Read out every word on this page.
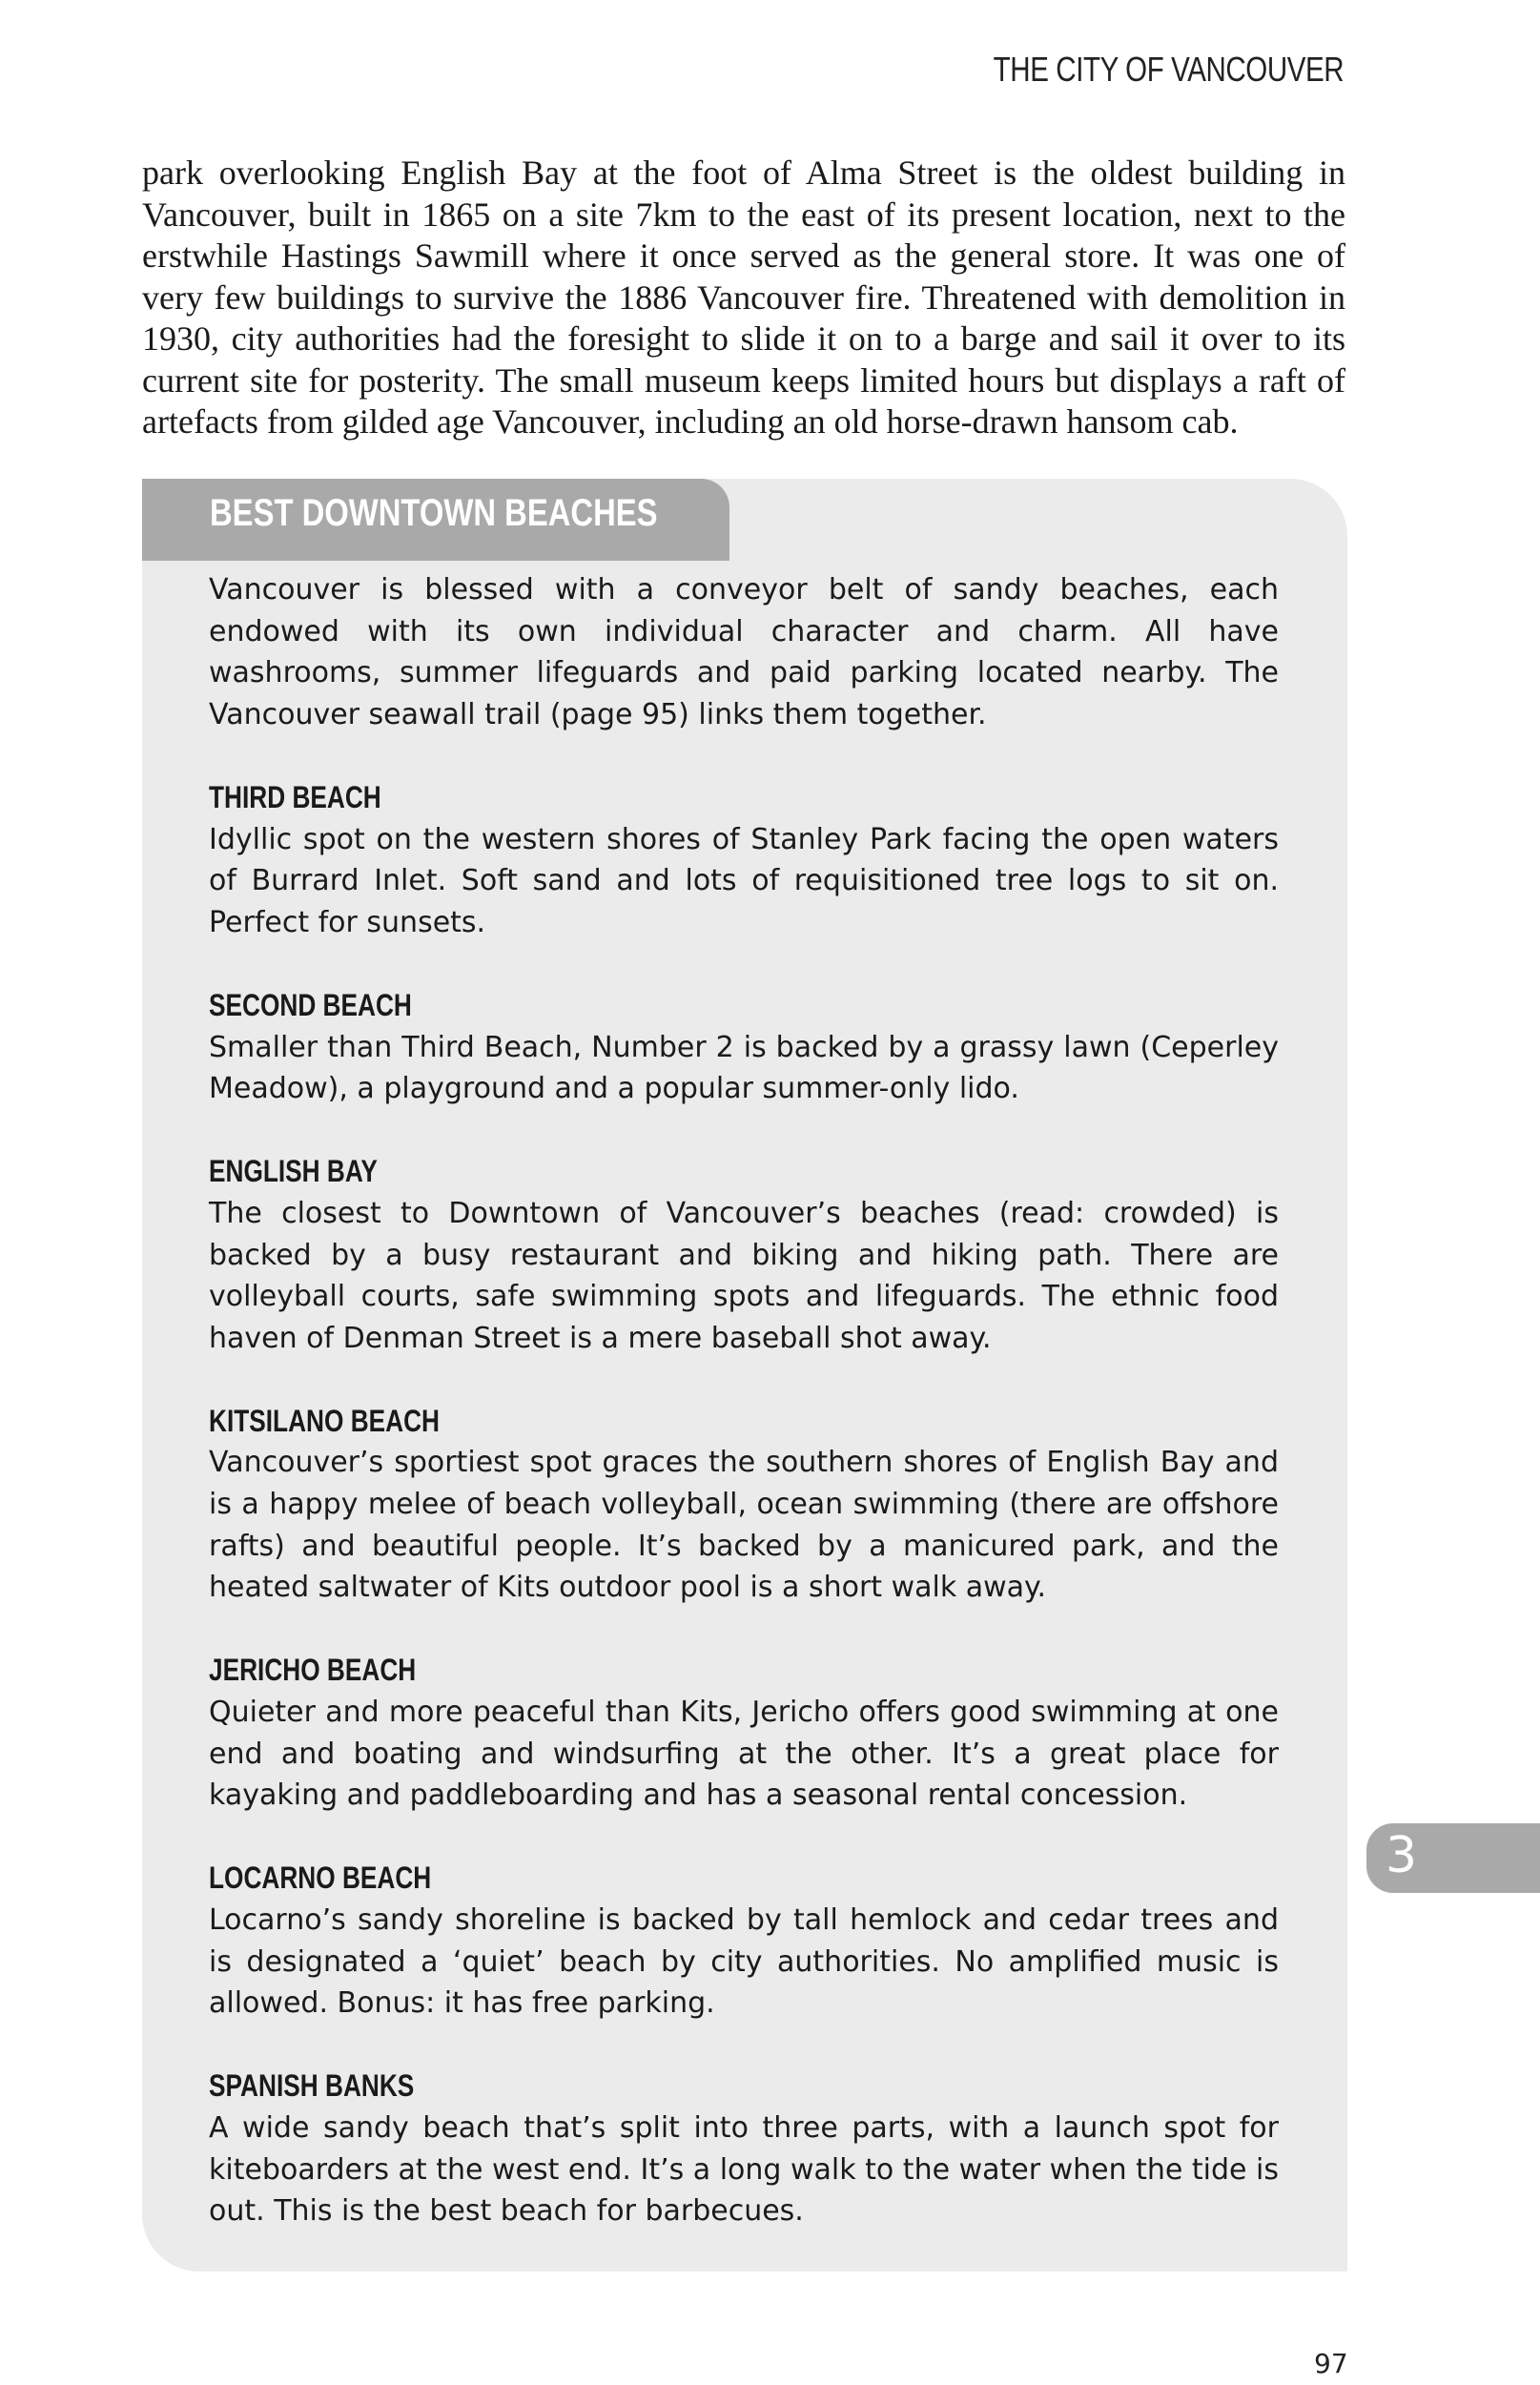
THE CITY OF VANCOUVER

park overlooking English Bay at the foot of Alma Street is the oldest building in Vancouver, built in 1865 on a site 7km to the east of its present location, next to the erstwhile Hastings Sawmill where it once served as the general store. It was one of very few buildings to survive the 1886 Vancouver fire. Threatened with demolition in 1930, city authorities had the foresight to slide it on to a barge and sail it over to its current site for posterity. The small museum keeps limited hours but displays a raft of artefacts from gilded age Vancouver, including an old horse-drawn hansom cab.

BEST DOWNTOWN BEACHES

Vancouver is blessed with a conveyor belt of sandy beaches, each endowed with its own individual character and charm. All have washrooms, summer lifeguards and paid parking located nearby. The Vancouver seawall trail (page 95) links them together.

THIRD BEACH

Idyllic spot on the western shores of Stanley Park facing the open waters of Burrard Inlet. Soft sand and lots of requisitioned tree logs to sit on. Perfect for sunsets.

SECOND BEACH

Smaller than Third Beach, Number 2 is backed by a grassy lawn (Ceperley Meadow), a playground and a popular summer-only lido.

ENGLISH BAY

The closest to Downtown of Vancouver’s beaches (read: crowded) is backed by a busy restaurant and biking and hiking path. There are volleyball courts, safe swimming spots and lifeguards. The ethnic food haven of Denman Street is a mere baseball shot away.

KITSILANO BEACH

Vancouver’s sportiest spot graces the southern shores of English Bay and is a happy melee of beach volleyball, ocean swimming (there are offshore rafts) and beautiful people. It’s backed by a manicured park, and the heated saltwater of Kits outdoor pool is a short walk away.

JERICHO BEACH

Quieter and more peaceful than Kits, Jericho offers good swimming at one end and boating and windsurfing at the other. It’s a great place for kayaking and paddleboarding and has a seasonal rental concession.

LOCARNO BEACH

Locarno’s sandy shoreline is backed by tall hemlock and cedar trees and is designated a ‘quiet’ beach by city authorities. No amplified music is allowed. Bonus: it has free parking.

SPANISH BANKS

A wide sandy beach that’s split into three parts, with a launch spot for kiteboarders at the west end. It’s a long walk to the water when the tide is out. This is the best beach for barbecues.

3
97
